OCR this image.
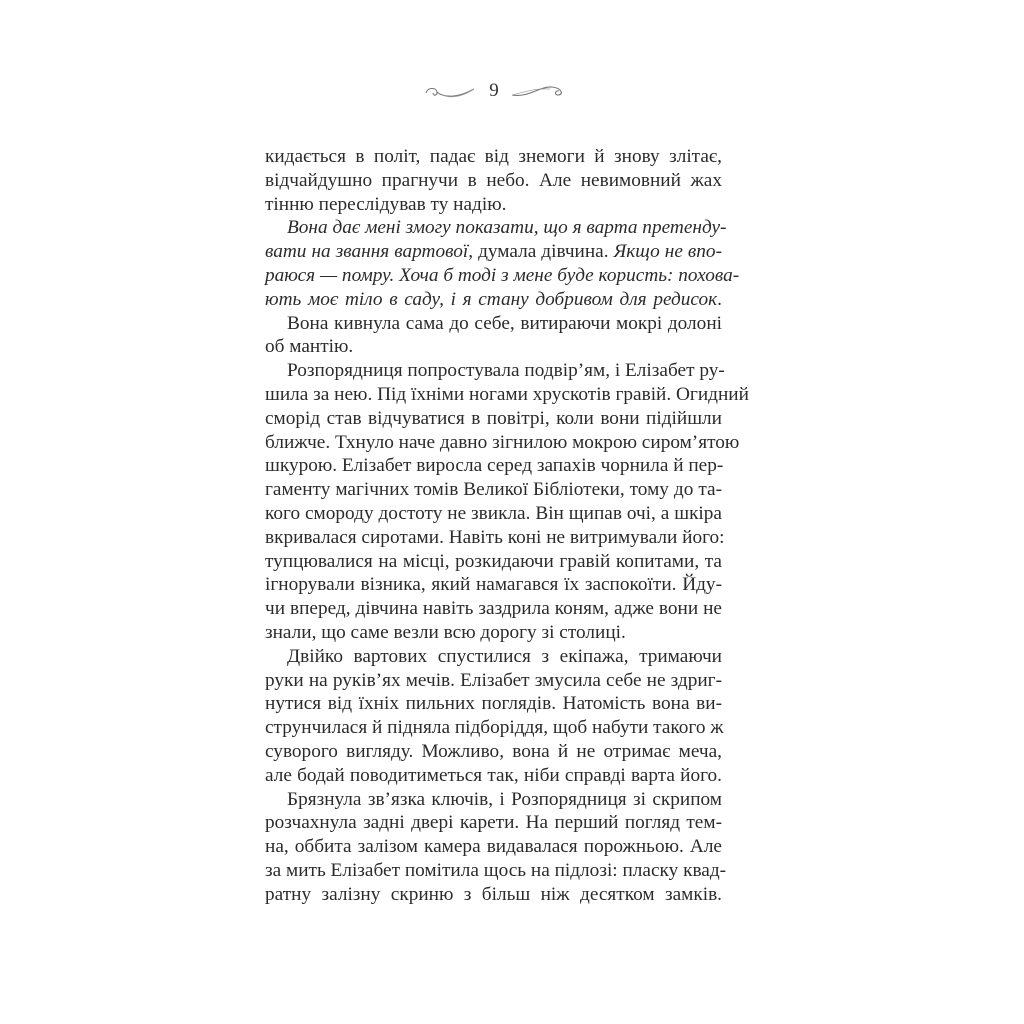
9
кидається в політ, падає від знемоги й знову злітає,
відчайдушно прагнучи в небо. Але невимовний жах
тінню переслідував ту надію.
Вона дає мені змогу показати, що я варта претенду-
вати на звання вартової, думала дівчина. Якщо не впо-
раюся — помру. Хоча б тоді з мене буде користь: похова-
ють моє тіло в саду, і я стану добривом для редисок.
Вона кивнула сама до себе, витираючи мокрі долоні
об мантію.
Розпорядниця попростувала подвір’ям, і Елізабет ру-
шила за нею. Під їхніми ногами хрускотів гравій. Огидний
сморід став відчуватися в повітрі, коли вони підійшли
ближче. Тхнуло наче давно зігнилою мокрою сиром’ятою
шкурою. Елізабет виросла серед запахів чорнила й пер-
гаменту магічних томів Великої Бібліотеки, тому до та-
кого смороду достоту не звикла. Він щипав очі, а шкіра
вкривалася сиротами. Навіть коні не витримували його:
тупцювалися на місці, розкидаючи гравій копитами, та
ігнорували візника, який намагався їх заспокоїти. Йду-
чи вперед, дівчина навіть заздрила коням, адже вони не
знали, що саме везли всю дорогу зі столиці.
Двійко вартових спустилися з екіпажа, тримаючи
руки на руків’ях мечів. Елізабет змусила себе не здриг-
нутися від їхніх пильних поглядів. Натомість вона ви-
струнчилася й підняла підборіддя, щоб набути такого ж
суворого вигляду. Можливо, вона й не отримає меча,
але бодай поводитиметься так, ніби справді варта його.
Брязнула зв’язка ключів, і Розпорядниця зі скрипом
розчахнула задні двері карети. На перший погляд тем-
на, оббита залізом камера видавалася порожньою. Але
за мить Елізабет помітила щось на підлозі: пласку квад-
ратну залізну скриню з більш ніж десятком замків.
